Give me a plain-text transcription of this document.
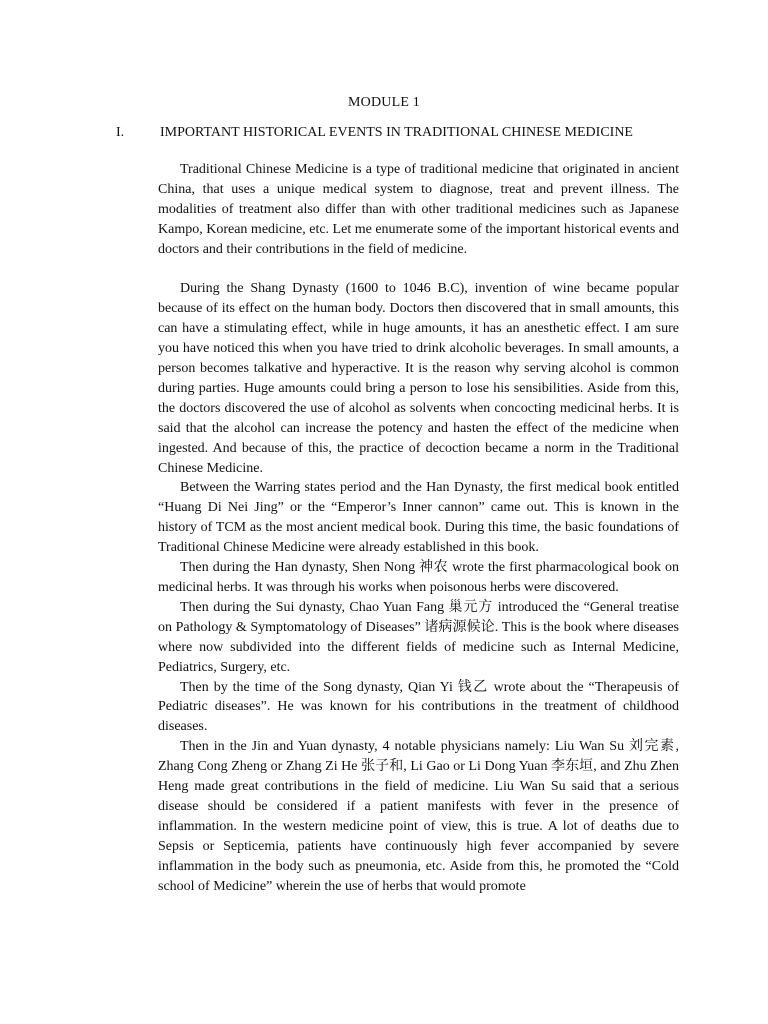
MODULE 1
I.	IMPORTANT HISTORICAL EVENTS IN TRADITIONAL CHINESE MEDICINE

Traditional Chinese Medicine is a type of traditional medicine that originated in ancient China, that uses a unique medical system to diagnose, treat and prevent illness. The modalities of treatment also differ than with other traditional medicines such as Japanese Kampo, Korean medicine, etc. Let me enumerate some of the important historical events and doctors and their contributions in the field of medicine.

During the Shang Dynasty (1600 to 1046 B.C), invention of wine became popular because of its effect on the human body. Doctors then discovered that in small amounts, this can have a stimulating effect, while in huge amounts, it has an anesthetic effect. I am sure you have noticed this when you have tried to drink alcoholic beverages. In small amounts, a person becomes talkative and hyperactive. It is the reason why serving alcohol is common during parties. Huge amounts could bring a person to lose his sensibilities. Aside from this, the doctors discovered the use of alcohol as solvents when concocting medicinal herbs. It is said that the alcohol can increase the potency and hasten the effect of the medicine when ingested. And because of this, the practice of decoction became a norm in the Traditional Chinese Medicine.

Between the Warring states period and the Han Dynasty, the first medical book entitled “Huang Di Nei Jing” or the “Emperor’s Inner cannon” came out. This is known in the history of TCM as the most ancient medical book. During this time, the basic foundations of Traditional Chinese Medicine were already established in this book.

Then during the Han dynasty, Shen Nong 神农 wrote the first pharmacological book on medicinal herbs. It was through his works when poisonous herbs were discovered.

Then during the Sui dynasty, Chao Yuan Fang 巢元方 introduced the “General treatise on Pathology & Symptomatology of Diseases” 诸病源候论. This is the book where diseases where now subdivided into the different fields of medicine such as Internal Medicine, Pediatrics, Surgery, etc.

Then by the time of the Song dynasty, Qian Yi 钱乙 wrote about the “Therapeusis of Pediatric diseases”. He was known for his contributions in the treatment of childhood diseases.

Then in the Jin and Yuan dynasty, 4 notable physicians namely: Liu Wan Su 刘完素, Zhang Cong Zheng or Zhang Zi He 张子和, Li Gao or Li Dong Yuan 李东垣, and Zhu Zhen Heng made great contributions in the field of medicine. Liu Wan Su said that a serious disease should be considered if a patient manifests with fever in the presence of inflammation. In the western medicine point of view, this is true. A lot of deaths due to Sepsis or Septicemia, patients have continuously high fever accompanied by severe inflammation in the body such as pneumonia, etc. Aside from this, he promoted the “Cold school of Medicine” wherein the use of herbs that would promote
